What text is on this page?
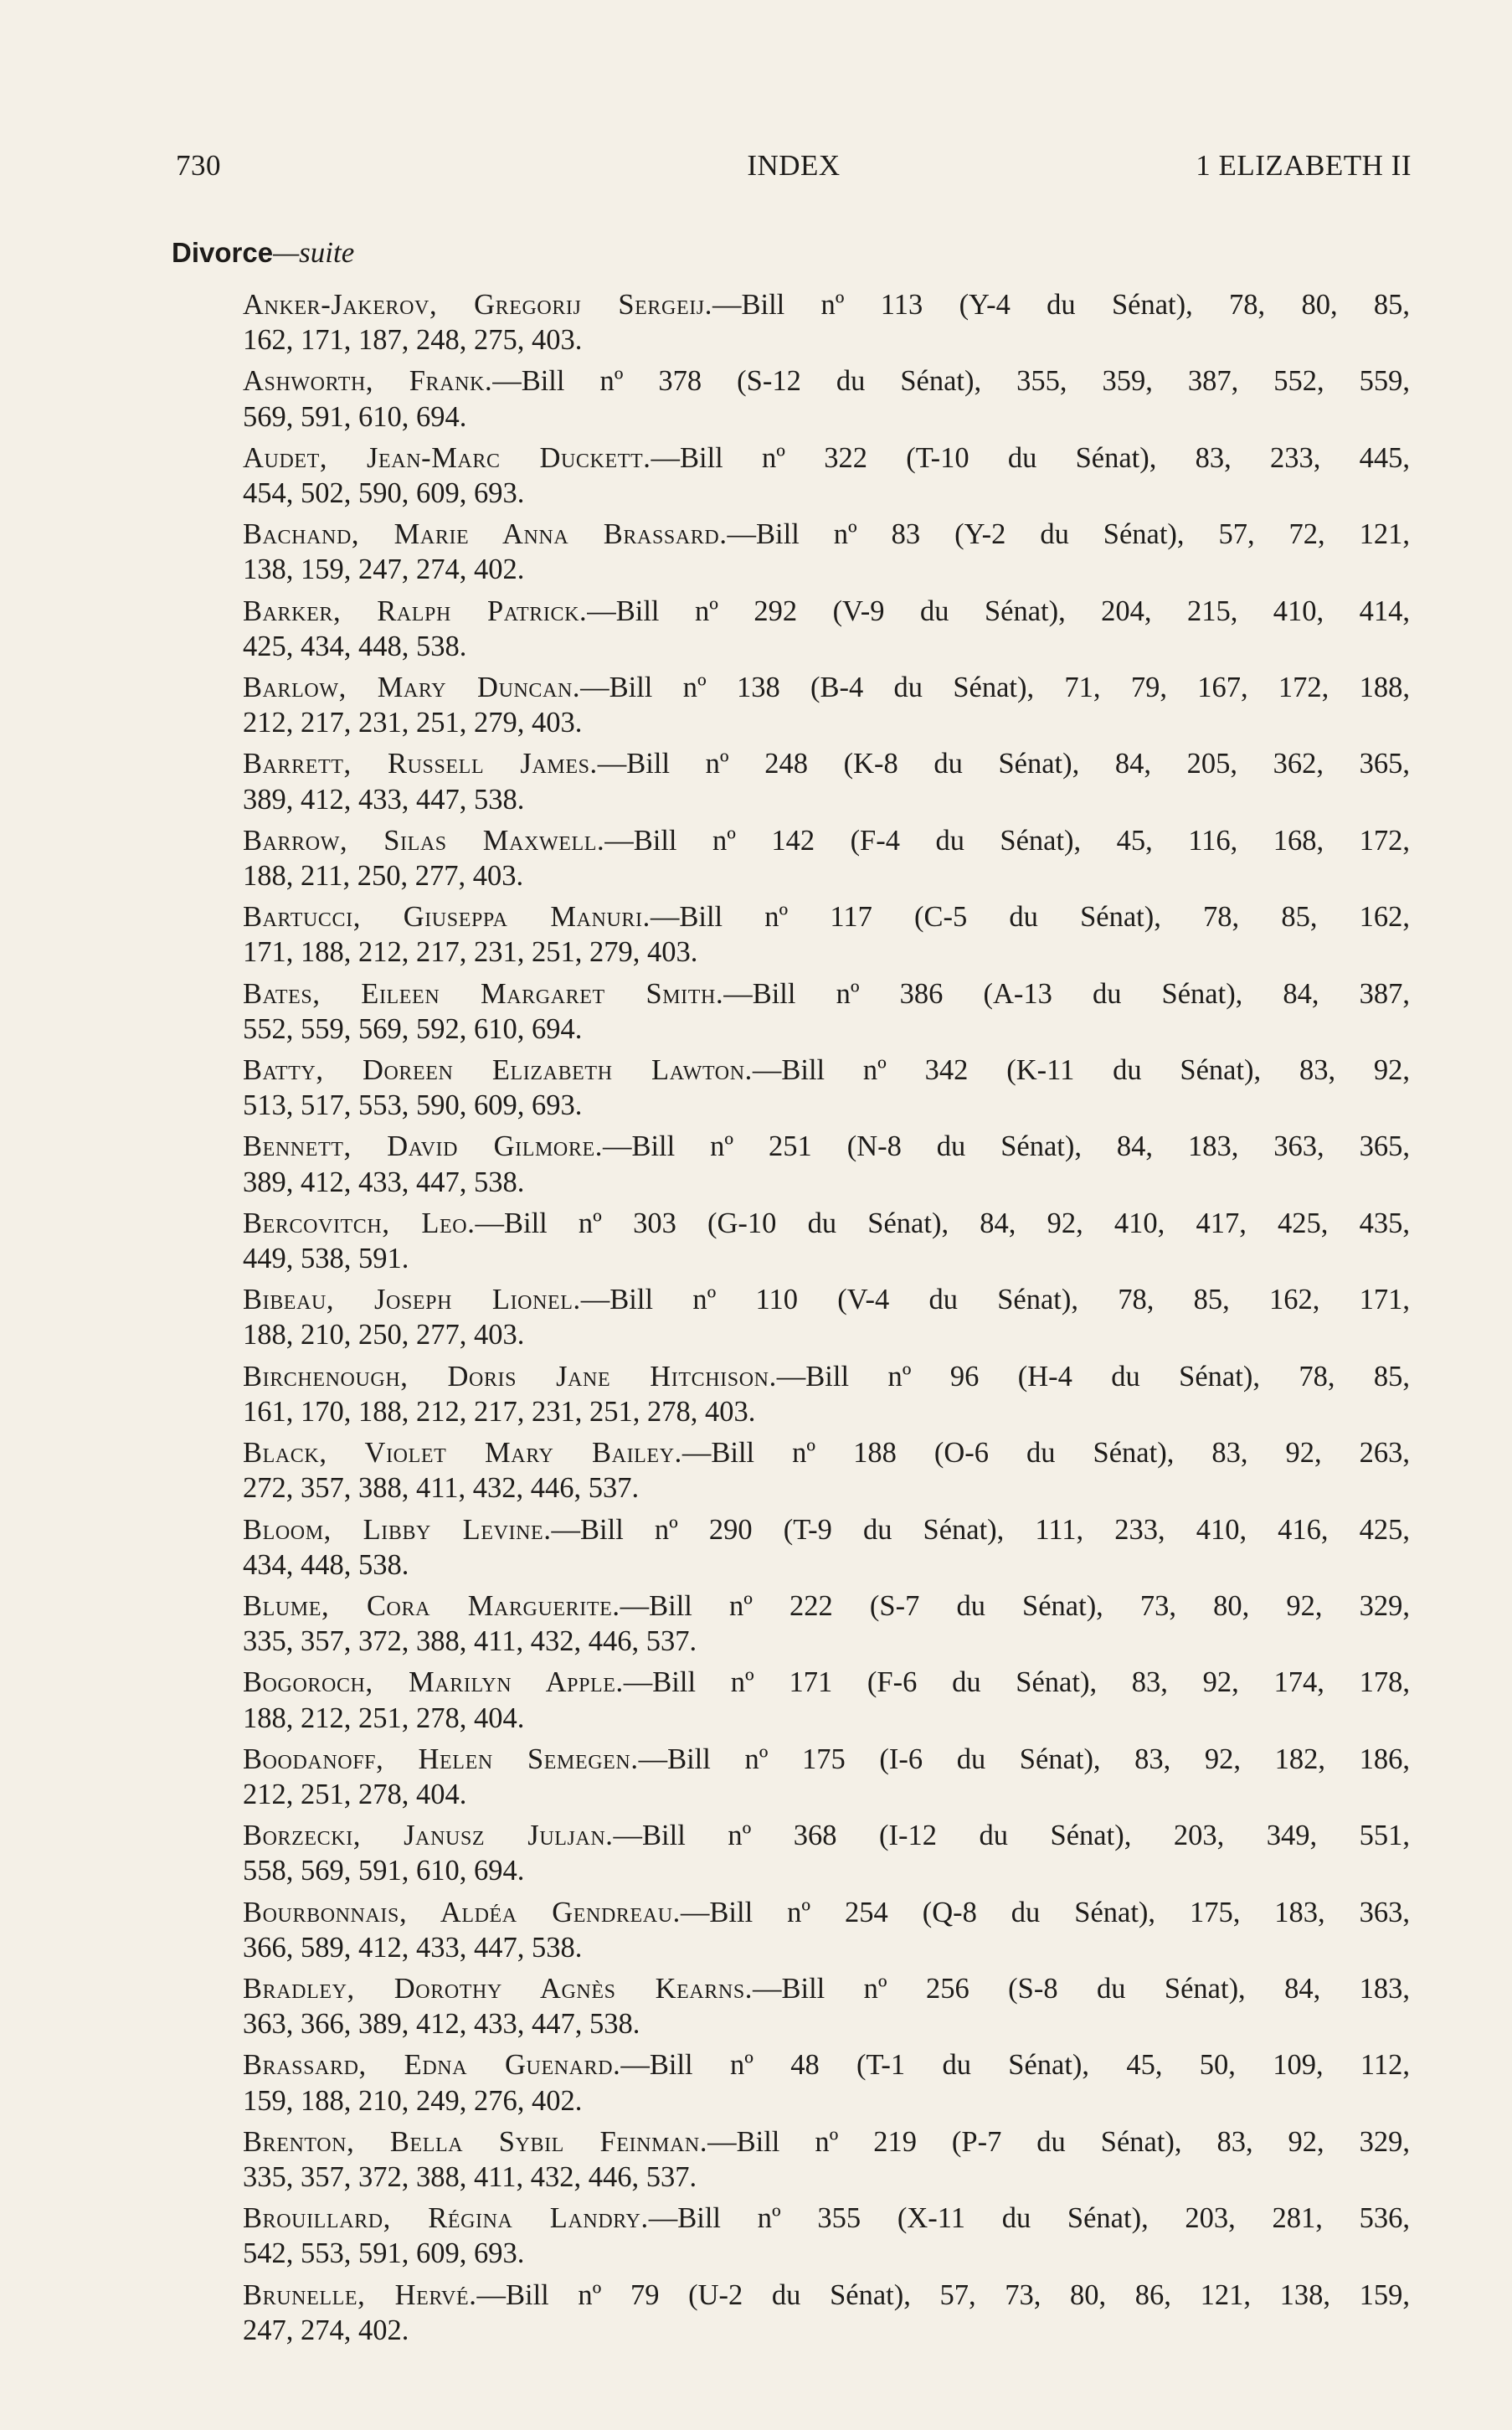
730	INDEX	1 ELIZABETH II
Divorce—suite
Anker-Jakerov, Gregorij Sergeij.—Bill nº 113 (Y-4 du Sénat), 78, 80, 85,
162, 171, 187, 248, 275, 403.
Ashworth, Frank.—Bill nº 378 (S-12 du Sénat), 355, 359, 387, 552, 559,
569, 591, 610, 694.
Audet, Jean-Marc Duckett.—Bill nº 322 (T-10 du Sénat), 83, 233, 445,
454, 502, 590, 609, 693.
Bachand, Marie Anna Brassard.—Bill nº 83 (Y-2 du Sénat), 57, 72, 121,
138, 159, 247, 274, 402.
Barker, Ralph Patrick.—Bill nº 292 (V-9 du Sénat), 204, 215, 410, 414,
425, 434, 448, 538.
Barlow, Mary Duncan.—Bill nº 138 (B-4 du Sénat), 71, 79, 167, 172, 188,
212, 217, 231, 251, 279, 403.
Barrett, Russell James.—Bill nº 248 (K-8 du Sénat), 84, 205, 362, 365,
389, 412, 433, 447, 538.
Barrow, Silas Maxwell.—Bill nº 142 (F-4 du Sénat), 45, 116, 168, 172,
188, 211, 250, 277, 403.
Bartucci, Giuseppa Manuri.—Bill nº 117 (C-5 du Sénat), 78, 85, 162,
171, 188, 212, 217, 231, 251, 279, 403.
Bates, Eileen Margaret Smith.—Bill nº 386 (A-13 du Sénat), 84, 387,
552, 559, 569, 592, 610, 694.
Batty, Doreen Elizabeth Lawton.—Bill nº 342 (K-11 du Sénat), 83, 92,
513, 517, 553, 590, 609, 693.
Bennett, David Gilmore.—Bill nº 251 (N-8 du Sénat), 84, 183, 363, 365,
389, 412, 433, 447, 538.
Bercovitch, Leo.—Bill nº 303 (G-10 du Sénat), 84, 92, 410, 417, 425, 435,
449, 538, 591.
Bibeau, Joseph Lionel.—Bill nº 110 (V-4 du Sénat), 78, 85, 162, 171,
188, 210, 250, 277, 403.
Birchenough, Doris Jane Hitchison.—Bill nº 96 (H-4 du Sénat), 78, 85,
161, 170, 188, 212, 217, 231, 251, 278, 403.
Black, Violet Mary Bailey.—Bill nº 188 (O-6 du Sénat), 83, 92, 263,
272, 357, 388, 411, 432, 446, 537.
Bloom, Libby Levine.—Bill nº 290 (T-9 du Sénat), 111, 233, 410, 416, 425,
434, 448, 538.
Blume, Cora Marguerite.—Bill nº 222 (S-7 du Sénat), 73, 80, 92, 329,
335, 357, 372, 388, 411, 432, 446, 537.
Bogoroch, Marilyn Apple.—Bill nº 171 (F-6 du Sénat), 83, 92, 174, 178,
188, 212, 251, 278, 404.
Boodanoff, Helen Semegen.—Bill nº 175 (I-6 du Sénat), 83, 92, 182, 186,
212, 251, 278, 404.
Borzecki, Janusz Juljan.—Bill nº 368 (I-12 du Sénat), 203, 349, 551,
558, 569, 591, 610, 694.
Bourbonnais, Aldéa Gendreau.—Bill nº 254 (Q-8 du Sénat), 175, 183, 363,
366, 589, 412, 433, 447, 538.
Bradley, Dorothy Agnès Kearns.—Bill nº 256 (S-8 du Sénat), 84, 183,
363, 366, 389, 412, 433, 447, 538.
Brassard, Edna Guenard.—Bill nº 48 (T-1 du Sénat), 45, 50, 109, 112,
159, 188, 210, 249, 276, 402.
Brenton, Bella Sybil Feinman.—Bill nº 219 (P-7 du Sénat), 83, 92, 329,
335, 357, 372, 388, 411, 432, 446, 537.
Brouillard, Régina Landry.—Bill nº 355 (X-11 du Sénat), 203, 281, 536,
542, 553, 591, 609, 693.
Brunelle, Hervé.—Bill nº 79 (U-2 du Sénat), 57, 73, 80, 86, 121, 138, 159,
247, 274, 402.
